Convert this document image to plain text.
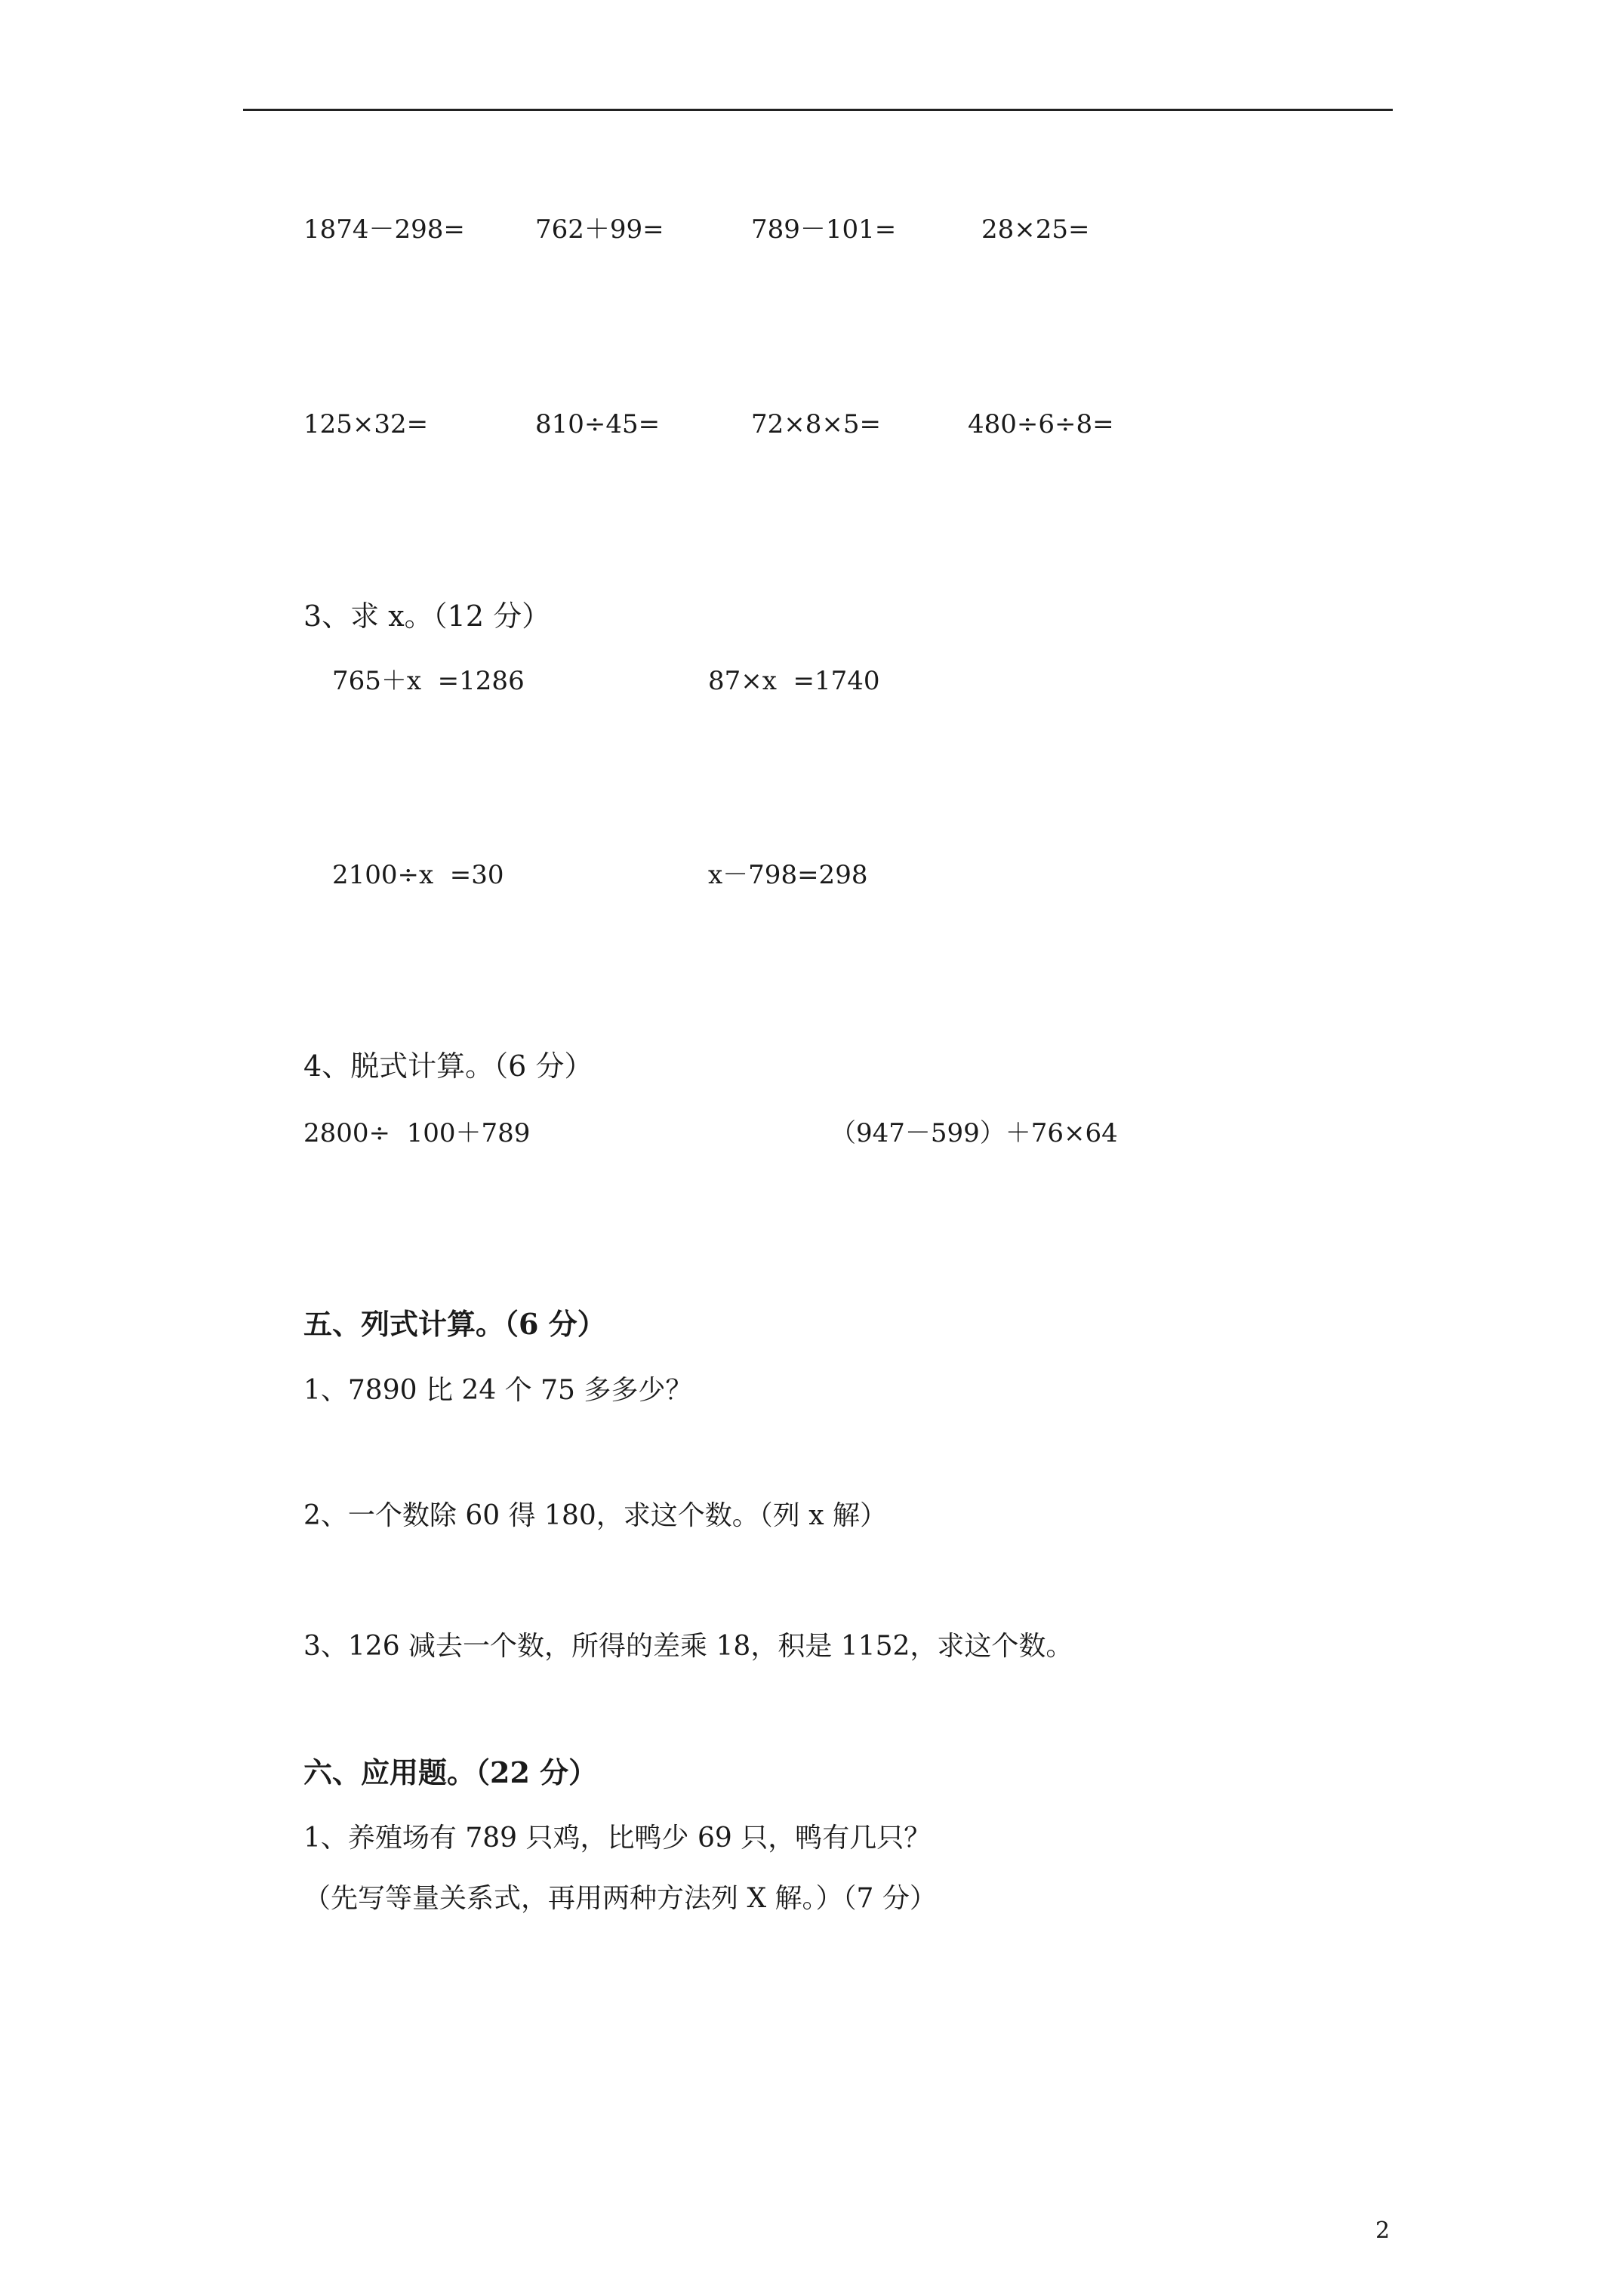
1874－298=	762＋99=	789－101=	28×25=
125×32=	810÷45=	72×8×5=	480÷6÷8=
3、求 x。（12 分）
765＋x  =1286	87×x  =1740
2100÷x  =30	x－798=298
4、脱式计算。（6 分）
2800÷  100＋789	（947－599）＋76×64
五、列式计算。（6 分）
1、7890 比 24 个 75 多多少？
2、一个数除 60 得 180，求这个数。（列 x 解）
3、126 减去一个数，所得的差乘 18，积是 1152，求这个数。
六、应用题。（22 分）
1、养殖场有 789 只鸡，比鸭少 69 只，鸭有几只？
（先写等量关系式，再用两种方法列 X 解。）（7 分）
2
